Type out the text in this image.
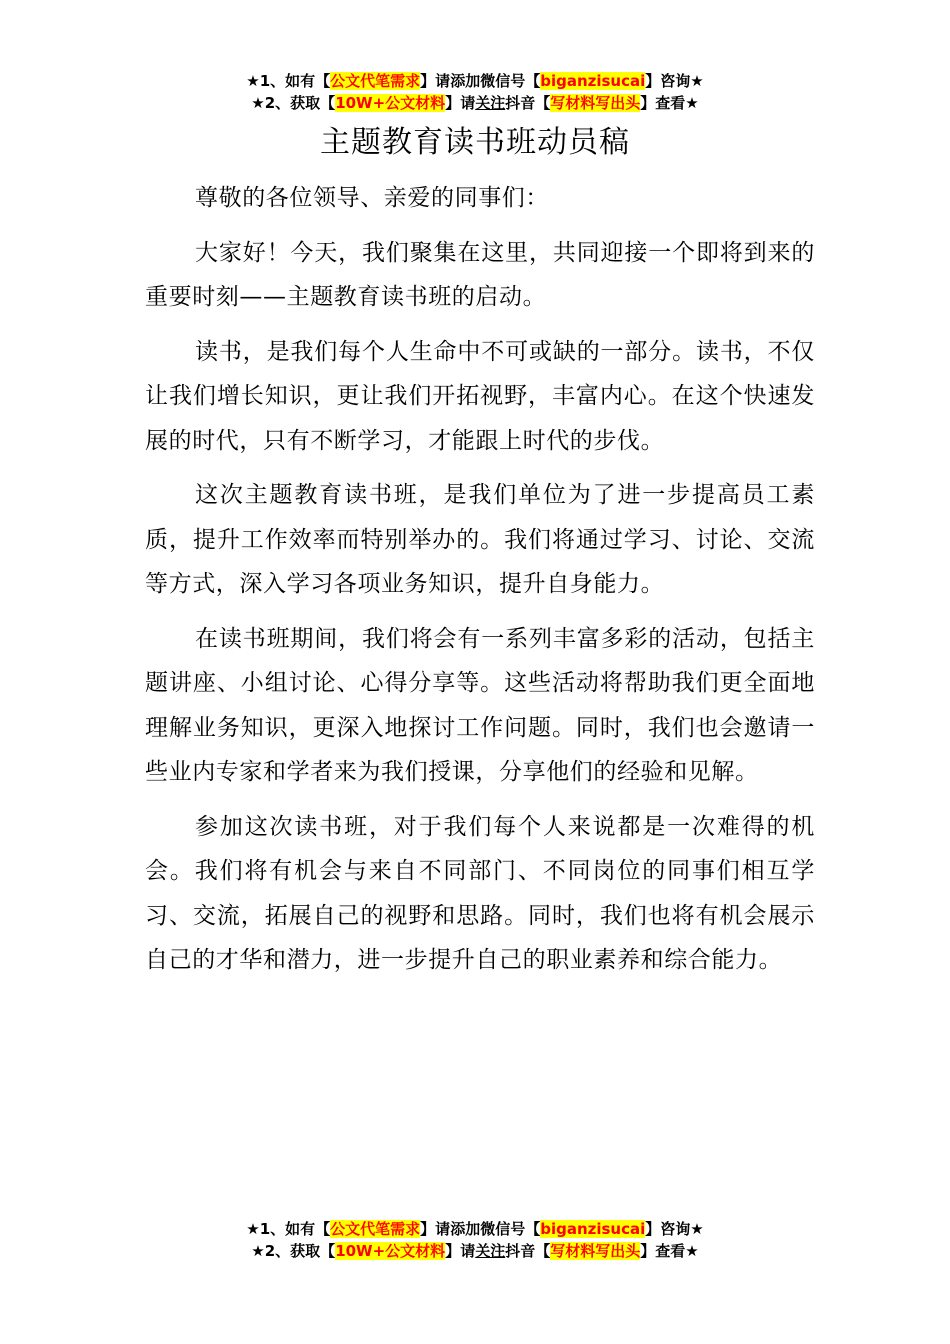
★1、如有【公文代笔需求】请添加微信号【biganzisucai】咨询★
★2、获取【10W+公文材料】请关注抖音【写材料写出头】查看★
主题教育读书班动员稿

尊敬的各位领导、亲爱的同事们：

大家好！今天，我们聚集在这里，共同迎接一个即将到来的重要时刻——主题教育读书班的启动。

读书，是我们每个人生命中不可或缺的一部分。读书，不仅让我们增长知识，更让我们开拓视野，丰富内心。在这个快速发展的时代，只有不断学习，才能跟上时代的步伐。

这次主题教育读书班，是我们单位为了进一步提高员工素质，提升工作效率而特别举办的。我们将通过学习、讨论、交流等方式，深入学习各项业务知识，提升自身能力。

在读书班期间，我们将会有一系列丰富多彩的活动，包括主题讲座、小组讨论、心得分享等。这些活动将帮助我们更全面地理解业务知识，更深入地探讨工作问题。同时，我们也会邀请一些业内专家和学者来为我们授课，分享他们的经验和见解。

参加这次读书班，对于我们每个人来说都是一次难得的机会。我们将有机会与来自不同部门、不同岗位的同事们相互学习、交流，拓展自己的视野和思路。同时，我们也将有机会展示自己的才华和潜力，进一步提升自己的职业素养和综合能力。

★1、如有【公文代笔需求】请添加微信号【biganzisucai】咨询★
★2、获取【10W+公文材料】请关注抖音【写材料写出头】查看★
